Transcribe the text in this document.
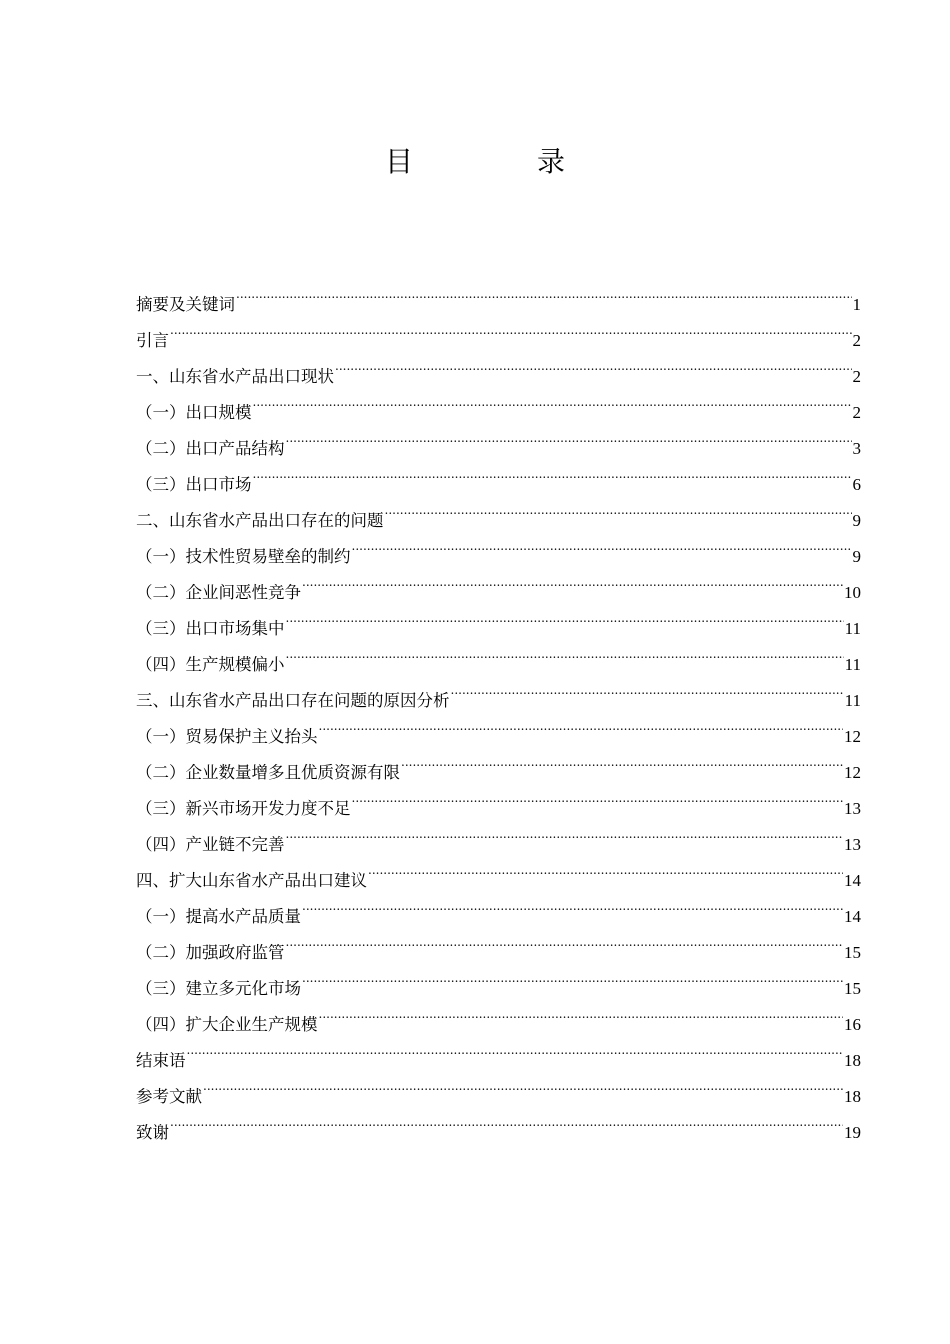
目　录
摘要及关键词 .....	1
引言 .....	2
一、山东省水产品出口现状 .....	2
（一）出口规模 .....	2
（二）出口产品结构 .....	3
（三）出口市场 .....	6
二、山东省水产品出口存在的问题 .....	9
（一）技术性贸易壁垒的制约 .....	9
（二）企业间恶性竞争 .....	10
（三）出口市场集中 .....	11
（四）生产规模偏小 .....	11
三、山东省水产品出口存在问题的原因分析 .....	11
（一）贸易保护主义抬头 .....	12
（二）企业数量增多且优质资源有限 .....	12
（三）新兴市场开发力度不足 .....	13
（四）产业链不完善 .....	13
四、扩大山东省水产品出口建议 .....	14
（一）提高水产品质量 .....	14
（二）加强政府监管 .....	15
（三）建立多元化市场 .....	15
（四）扩大企业生产规模 .....	16
结束语 .....	18
参考文献 .....	18
致谢 .....	19
